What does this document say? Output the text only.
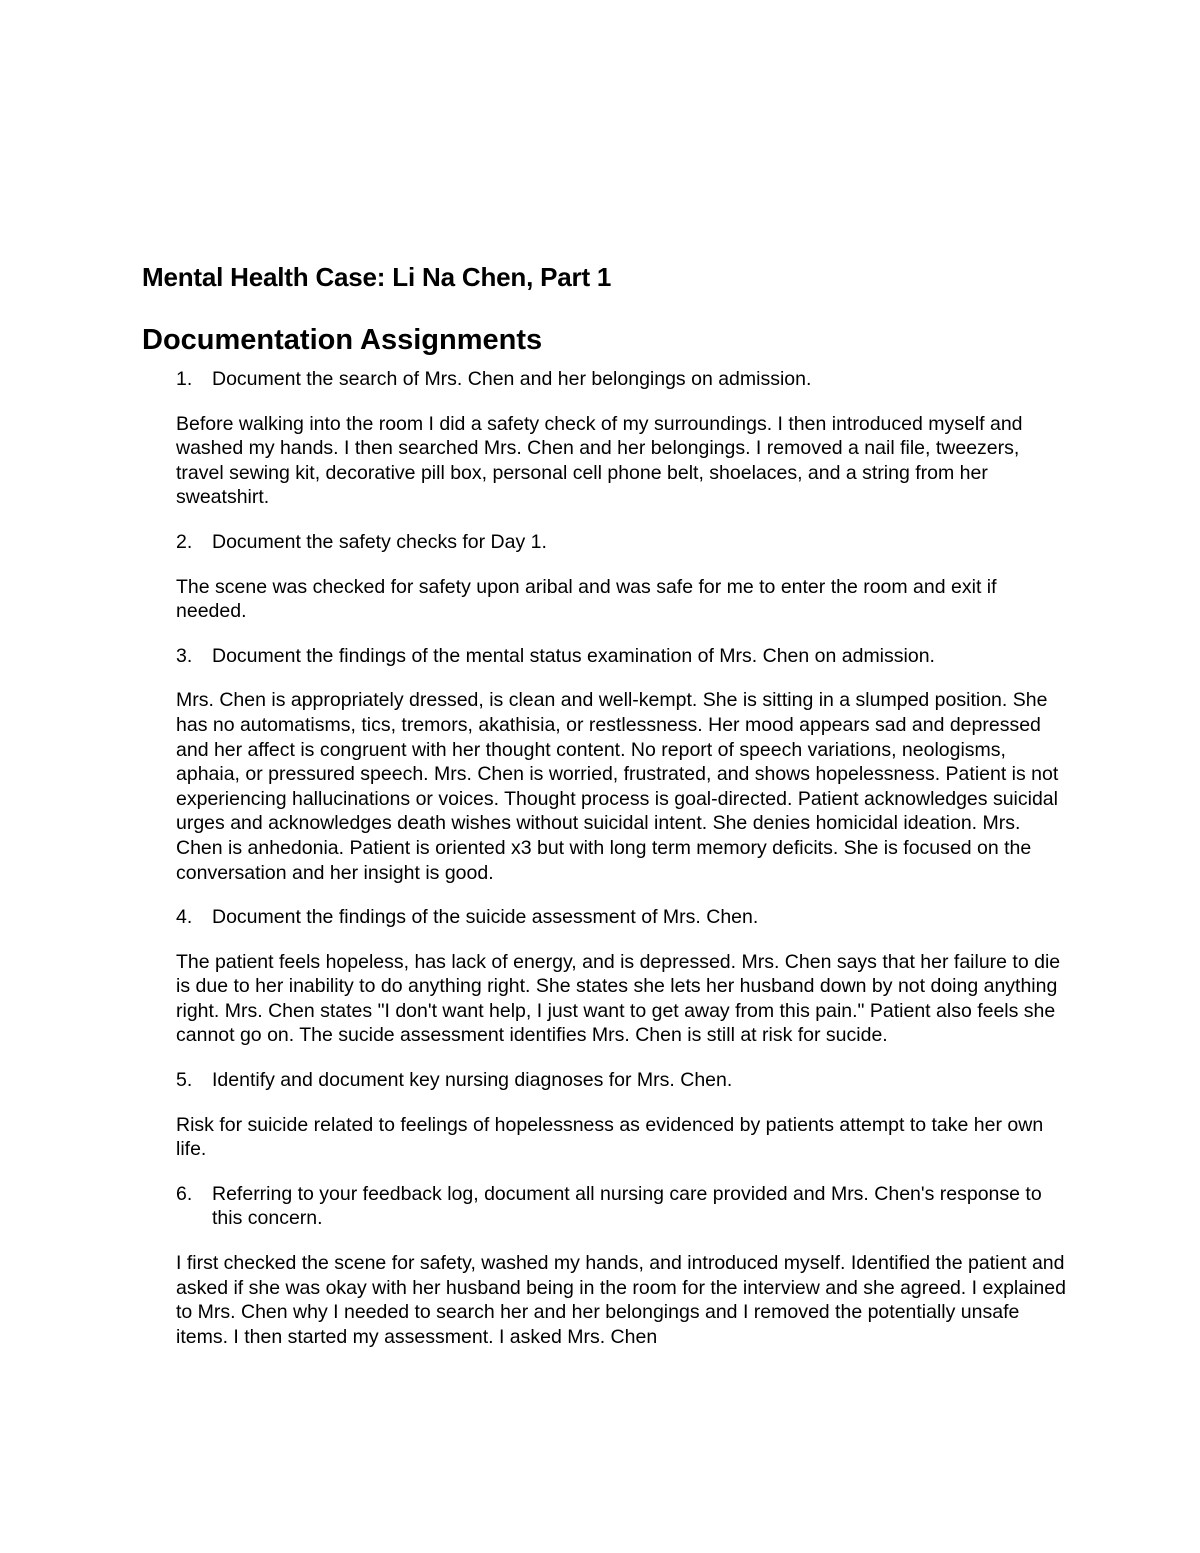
Mental Health Case: Li Na Chen, Part 1
Documentation Assignments
1.	Document the search of Mrs. Chen and her belongings on admission.

Before walking into the room I did a safety check of my surroundings. I then introduced myself and washed my hands. I then searched Mrs. Chen and her belongings. I removed a nail file, tweezers, travel sewing kit, decorative pill box, personal cell phone belt, shoelaces, and a string from her sweatshirt.

2.	Document the safety checks for Day 1.

The scene was checked for safety upon aribal and was safe for me to enter the room and exit if needed.

3.	Document the findings of the mental status examination of Mrs. Chen on admission.

Mrs. Chen is appropriately dressed, is clean and well-kempt. She is sitting in a slumped position. She has no automatisms, tics, tremors, akathisia, or restlessness. Her mood appears sad and depressed and her affect is congruent with her thought content. No report of speech variations, neologisms, aphaia, or pressured speech. Mrs. Chen is worried, frustrated, and shows hopelessness. Patient is not experiencing hallucinations or voices. Thought process is goal-directed. Patient acknowledges suicidal urges and acknowledges death wishes without suicidal intent. She denies homicidal ideation. Mrs. Chen is anhedonia. Patient is oriented x3 but with long term memory deficits. She is focused on the conversation and her insight is good.

4.	Document the findings of the suicide assessment of Mrs. Chen.

The patient feels hopeless, has lack of energy, and is depressed. Mrs. Chen says that her failure to die is due to her inability to do anything right. She states she lets her husband down by not doing anything right. Mrs. Chen states "I don't want help, I just want to get away from this pain." Patient also feels she cannot go on. The sucide assessment identifies Mrs. Chen is still at risk for sucide.

5.	Identify and document key nursing diagnoses for Mrs. Chen.

Risk for suicide related to feelings of hopelessness as evidenced by patients attempt to take her own life.

6.	Referring to your feedback log, document all nursing care provided and Mrs. Chen's response to this concern.

I first checked the scene for safety, washed my hands, and introduced myself. Identified the patient and asked if she was okay with her husband being in the room for the interview and she agreed. I explained to Mrs. Chen why I needed to search her and her belongings and I removed the potentially unsafe items. I then started my assessment. I asked Mrs. Chen
